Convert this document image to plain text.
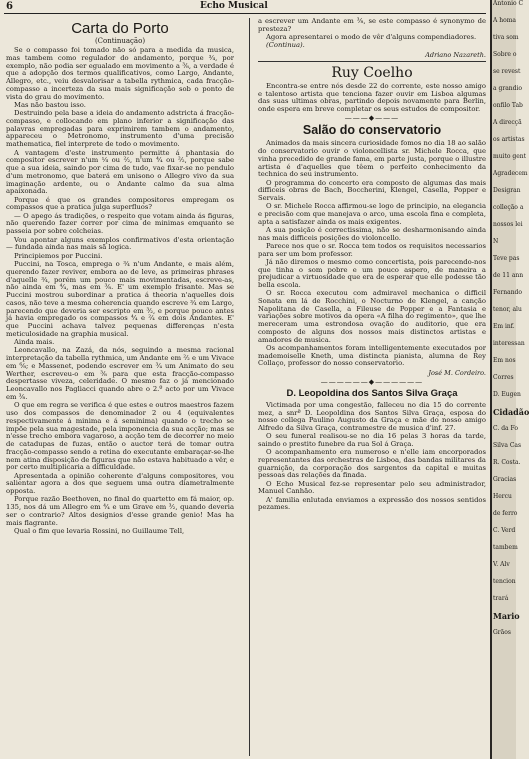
6	Echo Musical
Carta do Porto
(Continuação)

Se o compasso foi tomado não só para a medida da musica, mas tambem como regulador do andamento, porque ¾, por exemplo, não podia ser egualado em movimento a ³⁄₈, a verdade é que a adopção dos termos qualificativos, como Largo, Andante, Allegro, etc., veiu desvalorisar a tabella rythmica, cada fracção-compasso a incerteza da sua mais significação sob o ponto de vista do grau do movimento.

Mas não bastou isso.

Destruindo pela base a ideia do andamento adstricta á fracção-compasso, e collocando em plano inferior a significação das palavras empregadas para exprimirem tambem o andamento, appareceu o Metronomo, instrumento d'uma precisão mathematica, fiel interprete de todo o movimento.

A vantagem d'este instrumento permitte á phantasia do compositor escrever n'um ¼ ou ²⁄₂, n'um ⁴⁄₄ ou ²⁄₂, porque sabe que a sua ideia, saindo por cima de tudo, vae fixar-se no pendulo d'um metronomo, que baterá em unisono o Allegro vivo da sua imaginação ardente, ou o Andante calmo da sua alma apaixonada.

Porque é que os grandes compositores empregam os compassos que a pratica julga superfluos?

— O apego ás tradições, o respeito que votam ainda ás figuras, não querendo fazer correr por cima de minimas emquanto se passeia por sobre colcheias.

Vou apontar alguns exemplos confirmativos d'esta orientação — fundada ainda nas mais sã logica.

Principiemos por Puccini.

Puccini, na Tosca, emprega o ¾ n'um Andante, e mais além, querendo fazer reviver, embora ao de leve, as primeiras phrases d'aquelle ¾, porém um pouco mais movimentadas, escreve-as, não ainda em ⁴⁄₄, mas em ³⁄₈. E' um exemplo frisante. Mas se Puccini mostrou subordinar a pratica á theoria n'aquelles dois casos, não teve a mesma coherencia quando escreve ¾ em Largo, parecendo que deveria ser escripto em ³⁄₂, e porque pouco antes já havia empregado os compassos ⁴⁄₄ e ²⁄₄ em dois Andantes. E' que Puccini achava talvez pequenas differenças n'esta meticulosidade na graphia musical.

Ainda mais.

Leoncavallo, na Zazá, da nós, seguindo a mesma racional interpretação da tabella rythmica, um Andante em ²⁄₂ e um Vivace em ⁶⁄₈; e Massenet, podendo escrever em ³⁄₄ um Animato do seu Werther, escreveu-o em ³⁄₈ para que esta fracção-compasso despertasse viveza, celeridade. O mesmo faz o já mencionado Leoncavallo nos Pagliacci quando abre o 2.º acto por um Vivace em ³⁄₈.

O que em regra se verifica é que estes e outros maestros fazem uso dos compassos de denominador 2 ou 4 (equivalentes respectivamente á minima e á seminima) quando o trecho se impõe pela sua magestade, pela imponencia da sua acção; mas se n'esse trecho embora vagaroso, a acção tem de decorrer no meio de catadupas de fuzas, então o auctor terá de tomar outra fracção-compasso sendo a retina do executante embaraçar-se-lhe nem atina disposição de figuras que não estava habituado a vêr, e por certo multiplicaria a difficuldade.

Apresentada a opinião coherente d'alguns compositores, vou salientar agora a dos que seguem uma outra diametralmente opposta.

Porque razão Beethoven, no final do quartetto em fá maior, op. 135, nos dá um Allegro em ⁴⁄₄ e um Grave em ³⁄₂, quando deveria ser o contrario? Altos designios d'esse grande genio! Mas ha mais flagrante.

Qual o fim que levaria Rossini, no Guillaume Tell,

a escrever um Andante em ³⁄₈, se este compasso é synonymo de presteza?

Agora apresentarei o modo de vêr d'alguns compendiadores.

(Continua).

Adriano Nazareth.
Ruy Coelho

Encontra-se entre nós desde 22 do corrente, este nosso amigo e talentoso artista que tenciona fazer ouvir em Lisboa algumas das suas ultimas obras, partindo depois novamente para Berlin, onde espera em breve completar os seus estudos de compositor.

———◆———
Salão do conservatorio

Animados da mais sincera curiosidade fomos no dia 18 ao salão do conservatorio ouvir o violoncellista sr. Michele Rocca, que vinha precedido de grande fama, em parte justa, porque o illustre artista é d'aquelles que têem o perfeito conhecimento da technica do seu instrumento.

O programma do concerto era composto de algumas das mais difficeis obras de Bach, Boccherini, Klengel, Casella, Popper e Servais.

O sr. Michele Rocca affirmou-se logo de principio, na elegancia e precisão com que manejava o arco, uma escola fina e completa, apta a satisfazer ainda os mais exigentes.

A sua posição é correctissima, não se desharmonisando ainda nas mais difficeis posições do violoncello.

Parece nos que o sr. Rocca tem todos os requisitos necessarios para ser um bom professor.

Já não diremos o mesmo como concertista, pois parecendo-nos que tinha o som pobre e um pouco aspero, de maneira a prejudicar a virtuosidade que era de esperar que elle podesse tão bella escola.

O sr. Rocca executou com admiravel mechanica o difficil Sonata em lá de Rocchini, o Nocturno de Klengel, a canção Napolitana de Casella, a Fileuse de Popper e a Fantasia e variações sobre motivos da opera «A filha do regimento», que lhe mereceram uma estrondosa ovação do auditorio, que era composto de alguns dos nossos mais distinctos artistas e amadores de musica.

Os acompanhamentos foram intelligentemente executados por mademoiselle Kneth, uma distincta pianista, alumna de Rey Collaço, professor do nosso conservatorio.

José M. Cordeiro.
——————◆——————
D. Leopoldina dos Santos Silva Graça

Victimada por uma congestão, falleceu no dia 15 do corrente mez, a snrª D. Leopoldina dos Santos Silva Graça, esposa do nosso collega Paulino Augusto da Graça e mãe do nosso amigo Alfredo da Silva Graça, contramestre de musica d'inf. 27.

O seu funeral realisou-se no dia 16 pelas 3 horas da tarde, saindo o prestito funebre da rua Sol á Graça.

O acompanhamento era numeroso e n'elle iam encorporados representantes das orchestras de Lisboa, das bandas militares da guarnição, da corporação dos sargentos da capital e muitas pessoas das relações da finada.

O Echo Musical fez-se representar pelo seu administrador, Manuel Canhão.

A' familia enlutada enviamos a expressão dos nossos sentidos pezames.

Antonio C
A homa
tiva som
Sobre o
se revest
a grandio
onfilo Tab
A direcçã
os artistas
muito gent
Agradecem
Desigran
colleção a
nossos lei
N
Teve pas
de 11 ann
Fernando
tenor, alu
Em inf.
interessan
Em nos
Corres
D. Eugen
Cidadão
C. da Fo
Silva Cas
R. Costa.
Gracias
Hercu
de ferro
C. Verd
tambem
V. Alv
tencion
trará
Mario
Grãos
